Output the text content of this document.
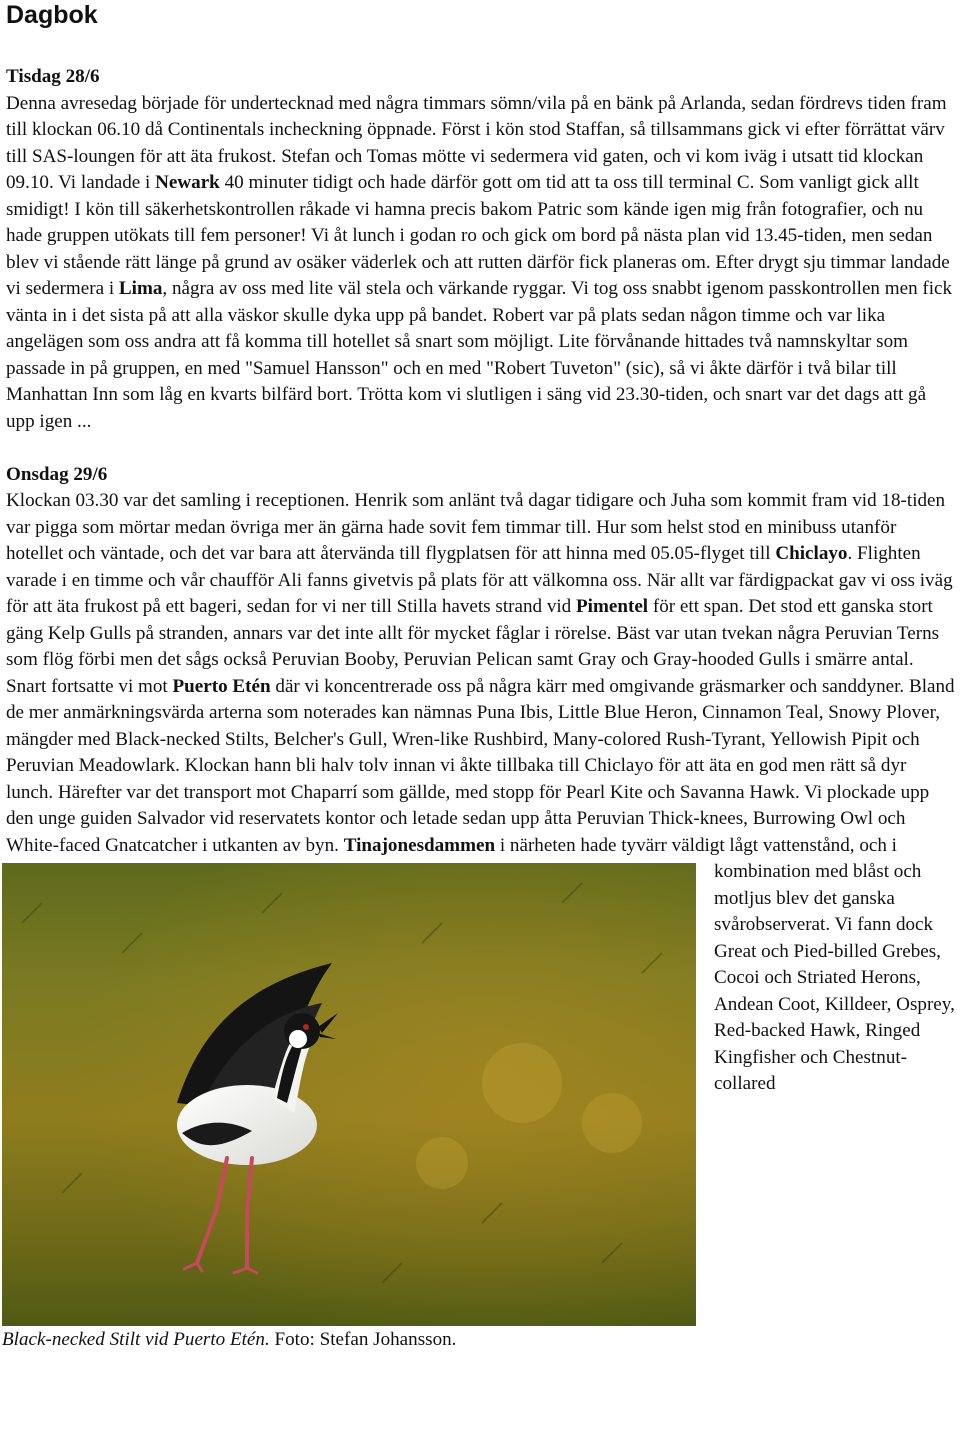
Dagbok
Tisdag 28/6

Denna avresedag började för undertecknad med några timmars sömn/vila på en bänk på Arlanda, sedan fördrevs tiden fram till klockan 06.10 då Continentals incheckning öppnade. Först i kön stod Staffan, så tillsammans gick vi efter förrättat värv till SAS-loungen för att äta frukost. Stefan och Tomas mötte vi sedermera vid gaten, och vi kom iväg i utsatt tid klockan 09.10. Vi landade i Newark 40 minuter tidigt och hade därför gott om tid att ta oss till terminal C. Som vanligt gick allt smidigt! I kön till säkerhetskontrollen råkade vi hamna precis bakom Patric som kände igen mig från fotografier, och nu hade gruppen utökats till fem personer! Vi åt lunch i godan ro och gick om bord på nästa plan vid 13.45-tiden, men sedan blev vi stående rätt länge på grund av osäker väderlek och att rutten därför fick planeras om. Efter drygt sju timmar landade vi sedermera i Lima, några av oss med lite väl stela och värkande ryggar. Vi tog oss snabbt igenom passkontrollen men fick vänta in i det sista på att alla väskor skulle dyka upp på bandet. Robert var på plats sedan någon timme och var lika angelägen som oss andra att få komma till hotellet så snart som möjligt. Lite förvånande hittades två namnskyltar som passade in på gruppen, en med "Samuel Hansson" och en med "Robert Tuveton" (sic), så vi åkte därför i två bilar till Manhattan Inn som låg en kvarts bilfärd bort. Trötta kom vi slutligen i säng vid 23.30-tiden, och snart var det dags att gå upp igen ...

Onsdag 29/6

Klockan 03.30 var det samling i receptionen. Henrik som anlänt två dagar tidigare och Juha som kommit fram vid 18-tiden var pigga som mörtar medan övriga mer än gärna hade sovit fem timmar till. Hur som helst stod en minibuss utanför hotellet och väntade, och det var bara att återvända till flygplatsen för att hinna med 05.05-flyget till Chiclayo. Flighten varade i en timme och vår chaufför Ali fanns givetvis på plats för att välkomna oss. När allt var färdigpackat gav vi oss iväg för att äta frukost på ett bageri, sedan for vi ner till Stilla havets strand vid Pimentel för ett span. Det stod ett ganska stort gäng Kelp Gulls på stranden, annars var det inte allt för mycket fåglar i rörelse. Bäst var utan tvekan några Peruvian Terns som flög förbi men det sågs också Peruvian Booby, Peruvian Pelican samt Gray och Gray-hooded Gulls i smärre antal. Snart fortsatte vi mot Puerto Etén där vi koncentrerade oss på några kärr med omgivande gräsmarker och sanddyner. Bland de mer anmärkningsvärda arterna som noterades kan nämnas Puna Ibis, Little Blue Heron, Cinnamon Teal, Snowy Plover, mängder med Black-necked Stilts, Belcher's Gull, Wren-like Rushbird, Many-colored Rush-Tyrant, Yellowish Pipit och Peruvian Meadowlark. Klockan hann bli halv tolv innan vi åkte tillbaka till Chiclayo för att äta en god men rätt så dyr lunch. Härefter var det transport mot Chaparrí som gällde, med stopp för Pearl Kite och Savanna Hawk. Vi plockade upp den unge guiden Salvador vid reservatets kontor och letade sedan upp åtta Peruvian Thick-knees, Burrowing Owl och White-faced Gnatcatcher i utkanten av byn.
Black-necked Stilt vid Puerto Etén. Foto: Stefan Johansson.
Tinajonesdammen i närheten hade tyvärr väldigt lågt vattenstånd, och i kombination med blåst och motljus blev det ganska svårobserverat. Vi fann dock Great och Pied-billed Grebes, Cocoi och Striated Herons, Andean Coot, Killdeer, Osprey, Red-backed Hawk, Ringed Kingfisher och Chestnut-collared
